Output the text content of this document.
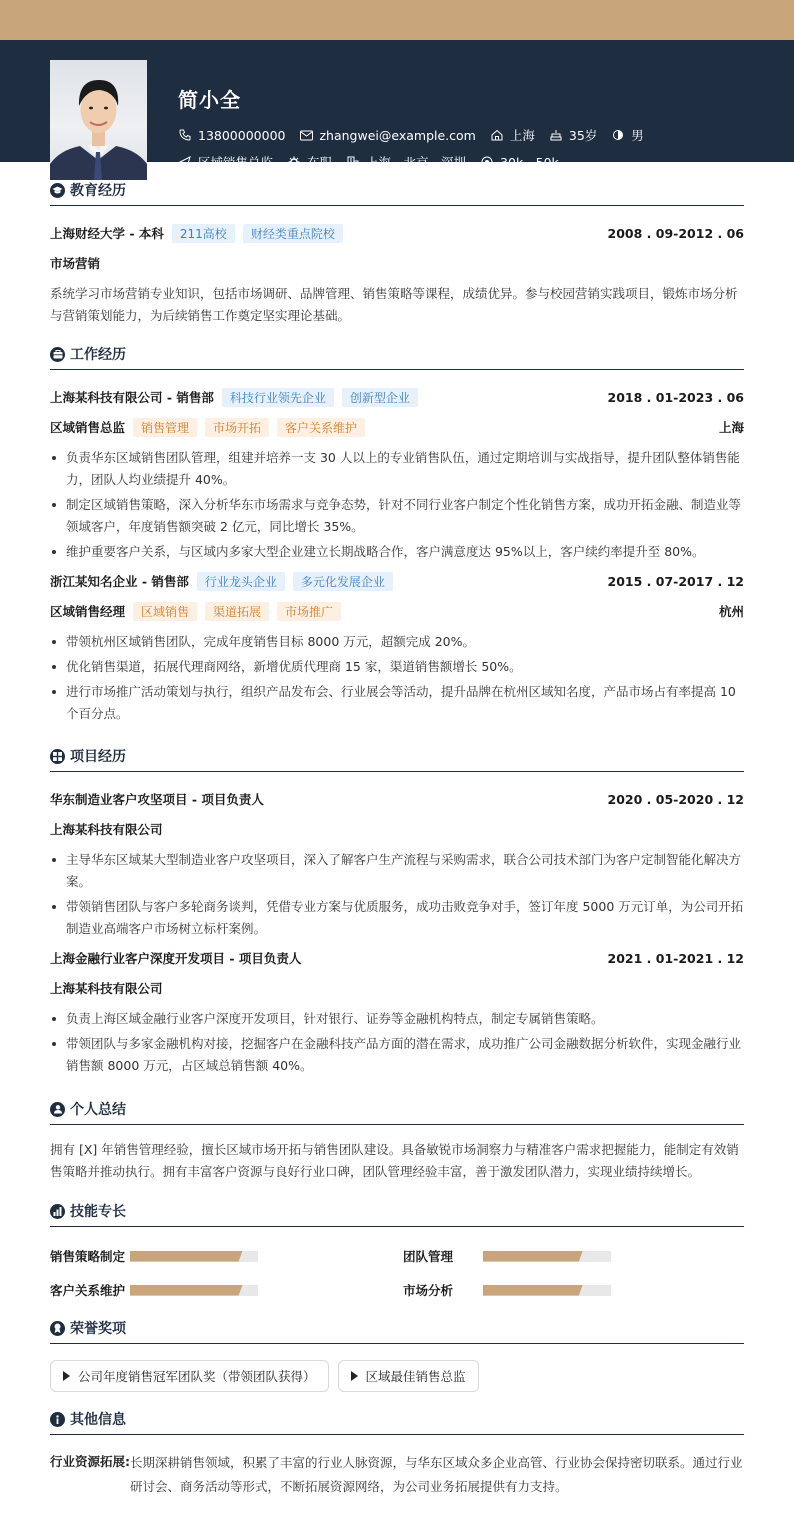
简小全
13800000000	zhangwei@example.com	上海	35岁	男
区域销售总监	在职	上海、北京、深圳	30k - 50k
教育经历
上海财经大学 - 本科	211高校	财经类重点院校	2008 . 09-2012 . 06
市场营销

系统学习市场营销专业知识，包括市场调研、品牌管理、销售策略等课程，成绩优异。参与校园营销实践项目，锻炼市场分析与营销策划能力，为后续销售工作奠定坚实理论基础。

工作经历
上海某科技有限公司 - 销售部	科技行业领先企业	创新型企业	2018 . 01-2023 . 06
区域销售总监	销售管理	市场开拓	客户关系维护	上海
负责华东区域销售团队管理，组建并培养一支 30 人以上的专业销售队伍，通过定期培训与实战指导，提升团队整体销售能力，团队人均业绩提升 40%。
制定区域销售策略，深入分析华东市场需求与竞争态势，针对不同行业客户制定个性化销售方案，成功开拓金融、制造业等领域客户，年度销售额突破 2 亿元，同比增长 35%。
维护重要客户关系，与区域内多家大型企业建立长期战略合作，客户满意度达 95%以上，客户续约率提升至 80%。
浙江某知名企业 - 销售部	行业龙头企业	多元化发展企业	2015 . 07-2017 . 12
区域销售经理	区域销售	渠道拓展	市场推广	杭州
带领杭州区域销售团队，完成年度销售目标 8000 万元，超额完成 20%。
优化销售渠道，拓展代理商网络，新增优质代理商 15 家，渠道销售额增长 50%。
进行市场推广活动策划与执行，组织产品发布会、行业展会等活动，提升品牌在杭州区域知名度，产品市场占有率提高 10 个百分点。
项目经历
华东制造业客户攻坚项目 - 项目负责人	2020 . 05-2020 . 12
上海某科技有限公司
主导华东区域某大型制造业客户攻坚项目，深入了解客户生产流程与采购需求，联合公司技术部门为客户定制智能化解决方案。
带领销售团队与客户多轮商务谈判，凭借专业方案与优质服务，成功击败竞争对手，签订年度 5000 万元订单，为公司开拓制造业高端客户市场树立标杆案例。
上海金融行业客户深度开发项目 - 项目负责人	2021 . 01-2021 . 12
上海某科技有限公司
负责上海区域金融行业客户深度开发项目，针对银行、证券等金融机构特点，制定专属销售策略。
带领团队与多家金融机构对接，挖掘客户在金融科技产品方面的潜在需求，成功推广公司金融数据分析软件，实现金融行业销售额 8000 万元，占区域总销售额 40%。
个人总结

拥有 [X] 年销售管理经验，擅长区域市场开拓与销售团队建设。具备敏锐市场洞察力与精准客户需求把握能力，能制定有效销售策略并推动执行。拥有丰富客户资源与良好行业口碑，团队管理经验丰富，善于激发团队潜力，实现业绩持续增长。

技能专长
销售策略制定	团队管理
客户关系维护	市场分析
荣誉奖项
公司年度销售冠军团队奖（带领团队获得）	区域最佳销售总监
其他信息
行业资源拓展: 长期深耕销售领域，积累了丰富的行业人脉资源，与华东区域众多企业高管、行业协会保持密切联系。通过行业研讨会、商务活动等形式，不断拓展资源网络，为公司业务拓展提供有力支持。
